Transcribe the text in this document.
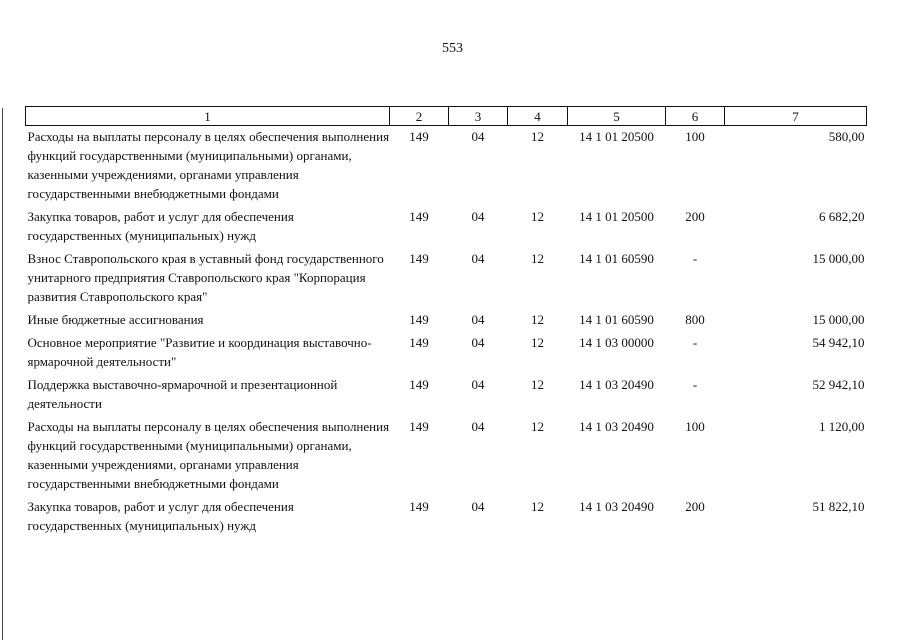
553
1	2	3	4	5	6	7
Расходы на выплаты персоналу в целях обеспечения выполнения функций государственными (муниципальными) органами, казенными учреждениями, органами управления государственными внебюджетными фондами	149	04	12	14 1 01 20500	100	580,00
Закупка товаров, работ и услуг для обеспечения государственных (муниципальных) нужд	149	04	12	14 1 01 20500	200	6 682,20
Взнос Ставропольского края в уставный фонд государственного унитарного предприятия Ставропольского края "Корпорация развития Ставропольского края"	149	04	12	14 1 01 60590	-	15 000,00
Иные бюджетные ассигнования	149	04	12	14 1 01 60590	800	15 000,00
Основное мероприятие "Развитие и координация выставочно-ярмарочной деятельности"	149	04	12	14 1 03 00000	-	54 942,10
Поддержка выставочно-ярмарочной и презентационной деятельности	149	04	12	14 1 03 20490	-	52 942,10
Расходы на выплаты персоналу в целях обеспечения выполнения функций государственными (муниципальными) органами, казенными учреждениями, органами управления государственными внебюджетными фондами	149	04	12	14 1 03 20490	100	1 120,00
Закупка товаров, работ и услуг для обеспечения государственных (муниципальных) нужд	149	04	12	14 1 03 20490	200	51 822,10
